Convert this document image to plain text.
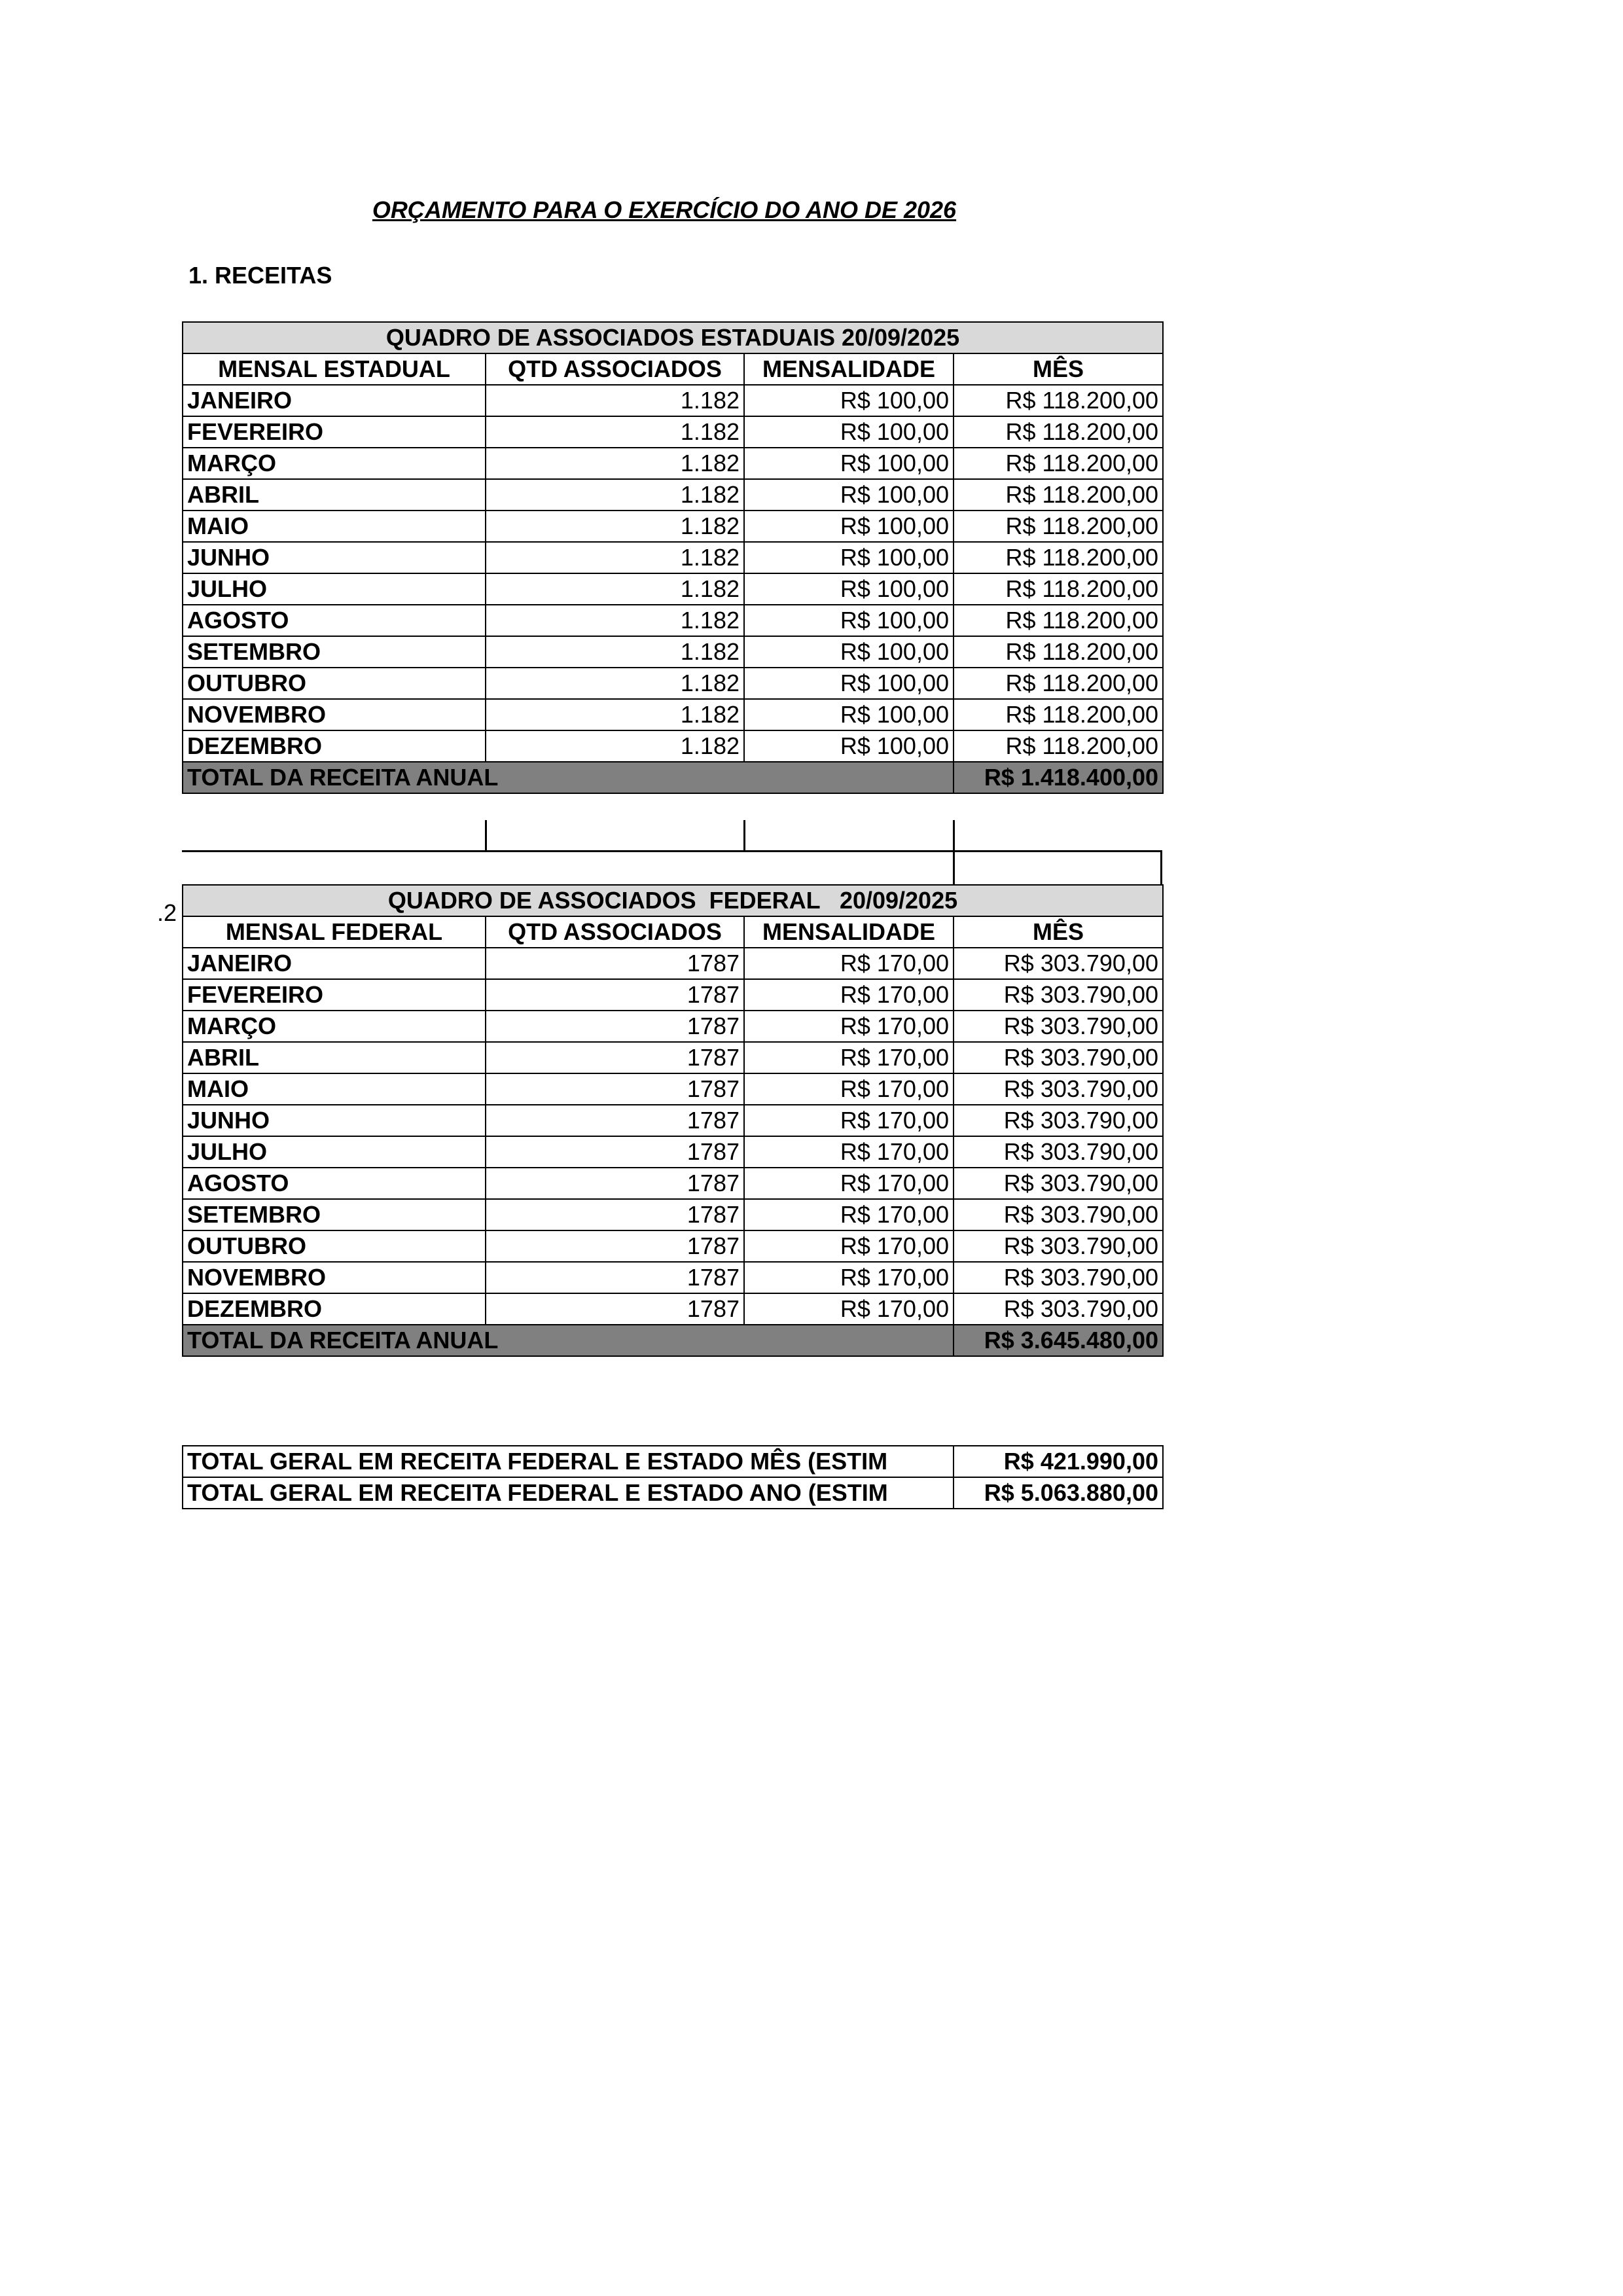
ORÇAMENTO PARA O EXERCÍCIO DO ANO DE 2026
1. RECEITAS
.2
QUADRO DE ASSOCIADOS ESTADUAIS 20/09/2025			
MENSAL ESTADUAL	QTD ASSOCIADOS	MENSALIDADE	MÊS
JANEIRO	1.182	R$ 100,00	R$ 118.200,00
FEVEREIRO	1.182	R$ 100,00	R$ 118.200,00
MARÇO	1.182	R$ 100,00	R$ 118.200,00
ABRIL	1.182	R$ 100,00	R$ 118.200,00
MAIO	1.182	R$ 100,00	R$ 118.200,00
JUNHO	1.182	R$ 100,00	R$ 118.200,00
JULHO	1.182	R$ 100,00	R$ 118.200,00
AGOSTO	1.182	R$ 100,00	R$ 118.200,00
SETEMBRO	1.182	R$ 100,00	R$ 118.200,00
OUTUBRO	1.182	R$ 100,00	R$ 118.200,00
NOVEMBRO	1.182	R$ 100,00	R$ 118.200,00
DEZEMBRO	1.182	R$ 100,00	R$ 118.200,00
TOTAL DA RECEITA ANUAL			R$ 1.418.400,00
QUADRO DE ASSOCIADOS  FEDERAL   20/09/2025			
MENSAL FEDERAL	QTD ASSOCIADOS	MENSALIDADE	MÊS
JANEIRO	1787	R$ 170,00	R$ 303.790,00
FEVEREIRO	1787	R$ 170,00	R$ 303.790,00
MARÇO	1787	R$ 170,00	R$ 303.790,00
ABRIL	1787	R$ 170,00	R$ 303.790,00
MAIO	1787	R$ 170,00	R$ 303.790,00
JUNHO	1787	R$ 170,00	R$ 303.790,00
JULHO	1787	R$ 170,00	R$ 303.790,00
AGOSTO	1787	R$ 170,00	R$ 303.790,00
SETEMBRO	1787	R$ 170,00	R$ 303.790,00
OUTUBRO	1787	R$ 170,00	R$ 303.790,00
NOVEMBRO	1787	R$ 170,00	R$ 303.790,00
DEZEMBRO	1787	R$ 170,00	R$ 303.790,00
TOTAL DA RECEITA ANUAL			R$ 3.645.480,00
TOTAL GERAL EM RECEITA FEDERAL E ESTADO MÊS (ESTIM	R$ 421.990,00
TOTAL GERAL EM RECEITA FEDERAL E ESTADO ANO (ESTIM	R$ 5.063.880,00
